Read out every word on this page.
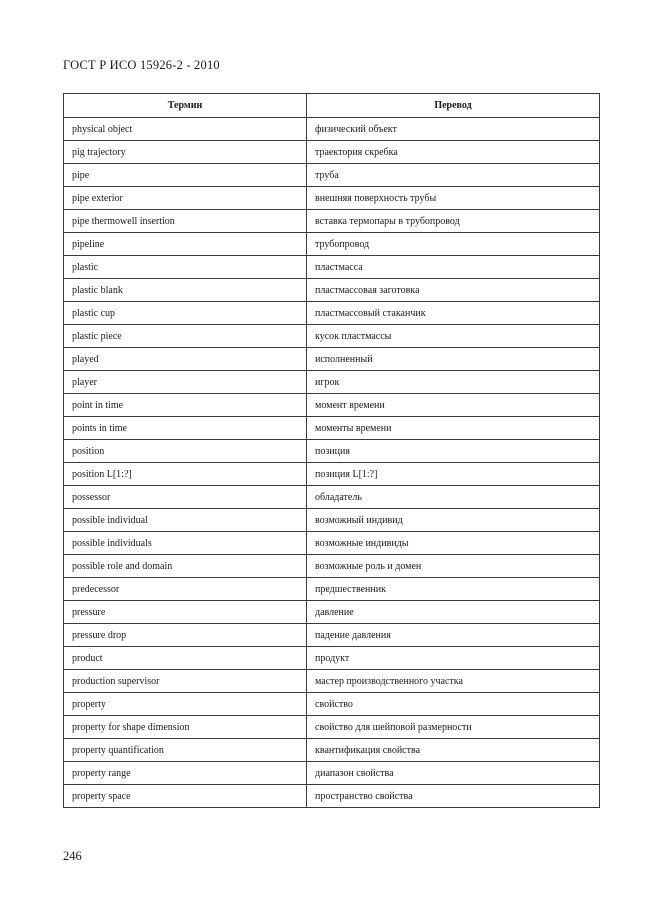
ГОСТ Р ИСО 15926-2 - 2010
Термин	Перевод
physical object	физический объект
pig trajectory	траектория скребка
pipe	труба
pipe exterior	внешняя поверхность трубы
pipe thermowell insertion	вставка термопары в трубопровод
pipeline	трубопровод
plastic	пластмасса
plastic blank	пластмассовая заготовка
plastic cup	пластмассовый стаканчик
plastic piece	кусок пластмассы
played	исполненный
player	игрок
point in time	момент времени
points in time	моменты времени
position	позиция
position L[1:?]	позиция L[1:?]
possessor	обладатель
possible individual	возможный индивид
possible individuals	возможные индивиды
possible role and domain	возможные роль и домен
predecessor	предшественник
pressure	давление
pressure drop	падение давления
product	продукт
production supervisor	мастер производственного участка
property	свойство
property for shape dimension	свойство для шейповой размерности
property quantification	квантификация свойства
property range	диапазон свойства
property space	пространство свойства
246
